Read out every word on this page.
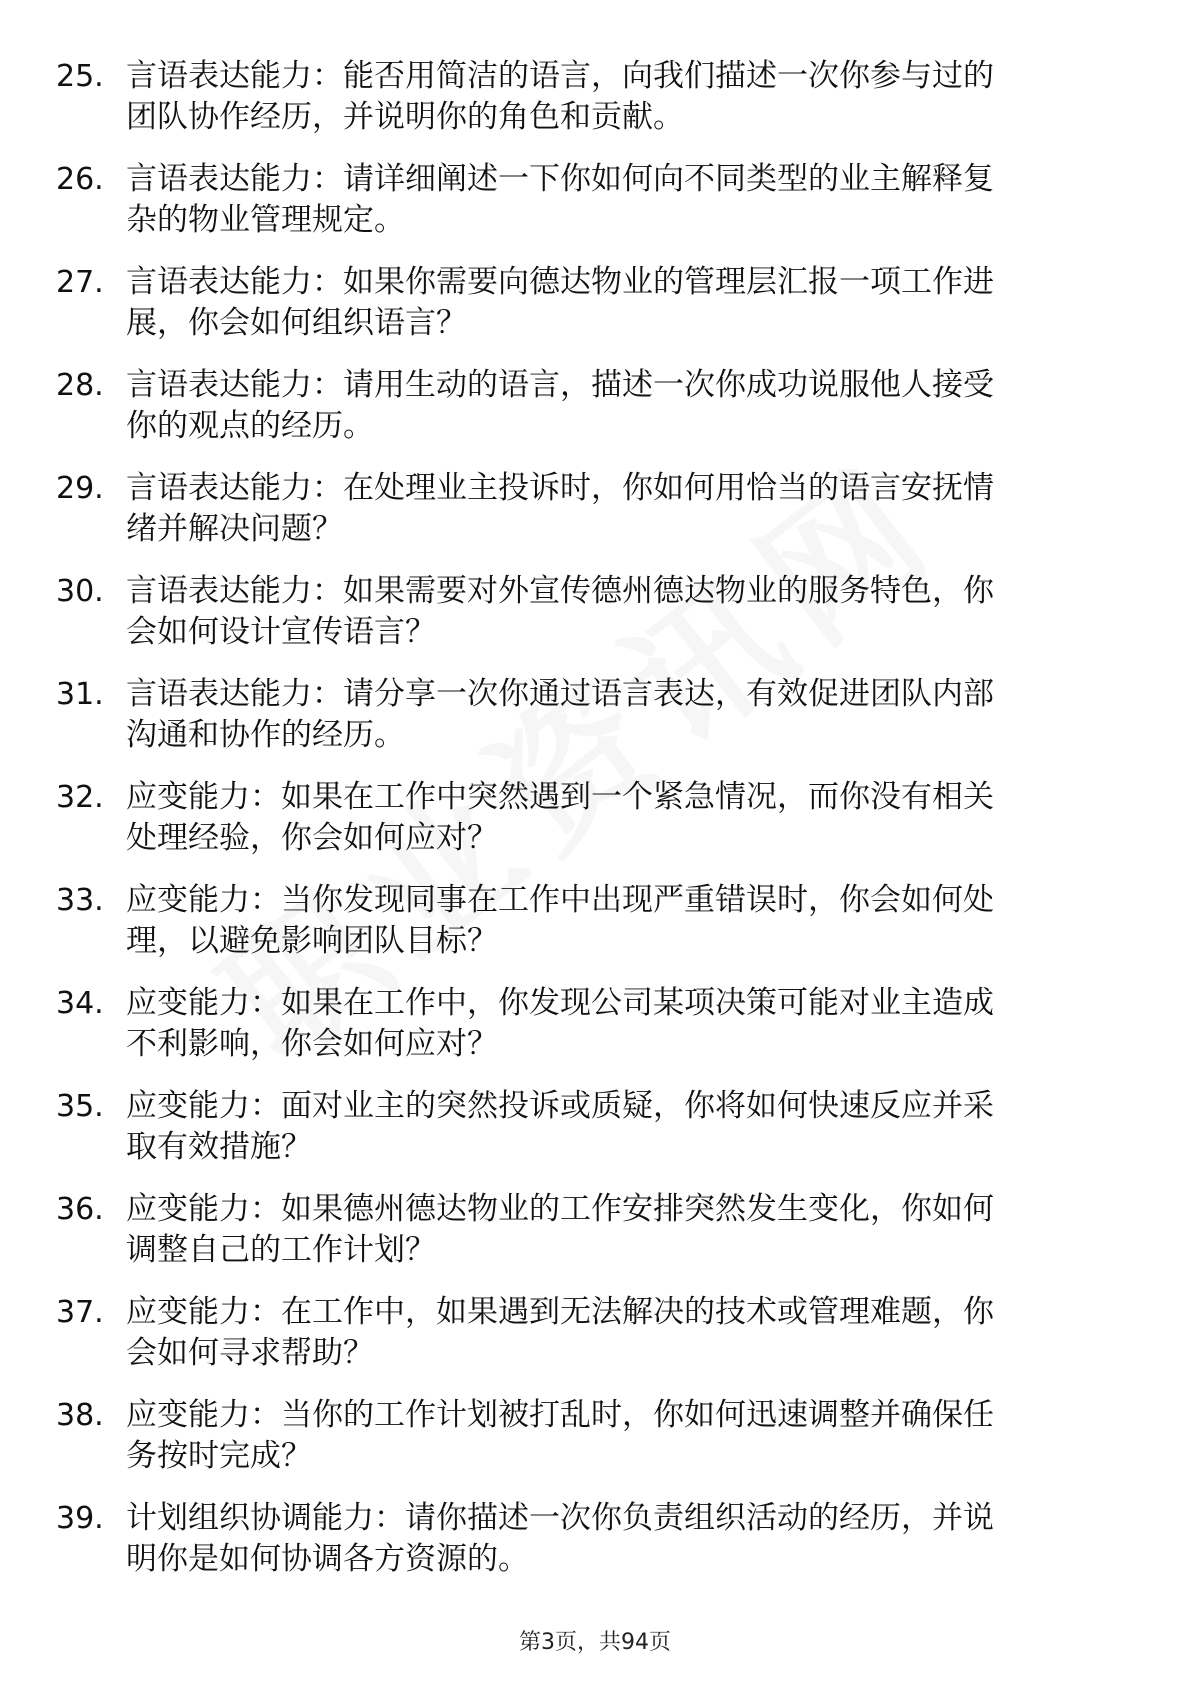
25. 言语表达能力：能否用简洁的语言，向我们描述一次你参与过的
团队协作经历，并说明你的角色和贡献。
26. 言语表达能力：请详细阐述一下你如何向不同类型的业主解释复
杂的物业管理规定。
27. 言语表达能力：如果你需要向德达物业的管理层汇报一项工作进
展，你会如何组织语言？
28. 言语表达能力：请用生动的语言，描述一次你成功说服他人接受
你的观点的经历。
29. 言语表达能力：在处理业主投诉时，你如何用恰当的语言安抚情
绪并解决问题？
30. 言语表达能力：如果需要对外宣传德州德达物业的服务特色，你
会如何设计宣传语言？
31. 言语表达能力：请分享一次你通过语言表达，有效促进团队内部
沟通和协作的经历。
32. 应变能力：如果在工作中突然遇到一个紧急情况，而你没有相关
处理经验，你会如何应对？
33. 应变能力：当你发现同事在工作中出现严重错误时，你会如何处
理，以避免影响团队目标？
34. 应变能力：如果在工作中，你发现公司某项决策可能对业主造成
不利影响，你会如何应对？
35. 应变能力：面对业主的突然投诉或质疑，你将如何快速反应并采
取有效措施？
36. 应变能力：如果德州德达物业的工作安排突然发生变化，你如何
调整自己的工作计划？
37. 应变能力：在工作中，如果遇到无法解决的技术或管理难题，你
会如何寻求帮助？
38. 应变能力：当你的工作计划被打乱时，你如何迅速调整并确保任
务按时完成？
39. 计划组织协调能力：请你描述一次你负责组织活动的经历，并说
明你是如何协调各方资源的。
第3页，共94页
